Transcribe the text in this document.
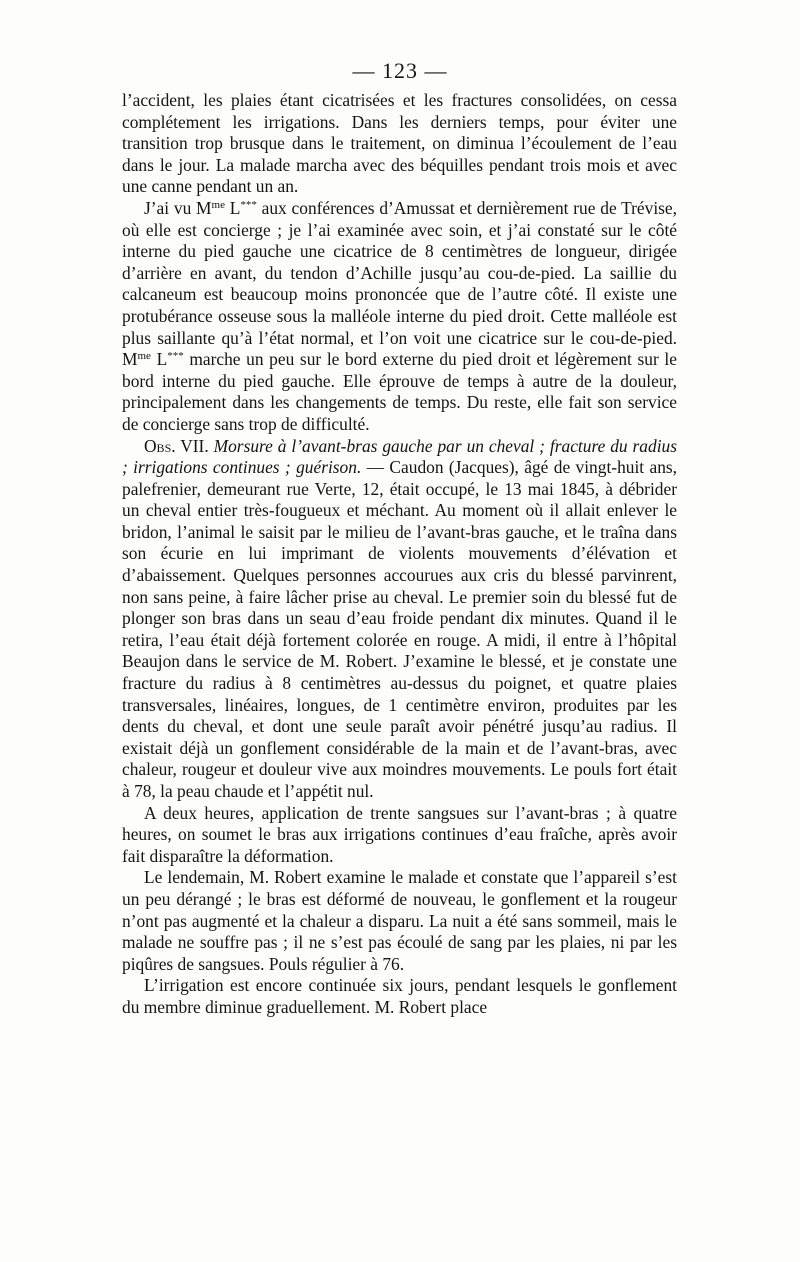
— 123 —

l’accident, les plaies étant cicatrisées et les fractures consolidées, on cessa complétement les irrigations. Dans les derniers temps, pour éviter une transition trop brusque dans le traitement, on diminua l’écoulement de l’eau dans le jour. La malade marcha avec des béquilles pendant trois mois et avec une canne pendant un an.

J’ai vu $M^{me}$ L*** aux conférences d’Amussat et dernièrement rue de Trévise, où elle est concierge ; je l’ai examinée avec soin, et j’ai constaté sur le côté interne du pied gauche une cicatrice de 8 centimètres de longueur, dirigée d’arrière en avant, du tendon d’Achille jusqu’au cou-de-pied. La saillie du calcaneum est beaucoup moins prononcée que de l’autre côté. Il existe une protubérance osseuse sous la malléole interne du pied droit. Cette malléole est plus saillante qu’à l’état normal, et l’on voit une cicatrice sur le cou-de-pied. $M^{me}$ L*** marche un peu sur le bord externe du pied droit et légèrement sur le bord interne du pied gauche. Elle éprouve de temps à autre de la douleur, principalement dans les changements de temps. Du reste, elle fait son service de concierge sans trop de difficulté.

Obs. VII. Morsure à l’avant-bras gauche par un cheval ; fracture du radius ; irrigations continues ; guérison. — Caudon (Jacques), âgé de vingt-huit ans, palefrenier, demeurant rue Verte, 12, était occupé, le 13 mai 1845, à débrider un cheval entier très-fougueux et méchant. Au moment où il allait enlever le bridon, l’animal le saisit par le milieu de l’avant-bras gauche, et le traîna dans son écurie en lui imprimant de violents mouvements d’élévation et d’abaissement. Quelques personnes accourues aux cris du blessé parvinrent, non sans peine, à faire lâcher prise au cheval. Le premier soin du blessé fut de plonger son bras dans un seau d’eau froide pendant dix minutes. Quand il le retira, l’eau était déjà fortement colorée en rouge. A midi, il entre à l’hôpital Beaujon dans le service de M. Robert. J’examine le blessé, et je constate une fracture du radius à 8 centimètres au-dessus du poignet, et quatre plaies transversales, linéaires, longues, de 1 centimètre environ, produites par les dents du cheval, et dont une seule paraît avoir pénétré jusqu’au radius. Il existait déjà un gonflement considérable de la main et de l’avant-bras, avec chaleur, rougeur et douleur vive aux moindres mouvements. Le pouls fort était à 78, la peau chaude et l’appétit nul.

A deux heures, application de trente sangsues sur l’avant-bras ; à quatre heures, on soumet le bras aux irrigations continues d’eau fraîche, après avoir fait disparaître la déformation.

Le lendemain, M. Robert examine le malade et constate que l’appareil s’est un peu dérangé ; le bras est déformé de nouveau, le gonflement et la rougeur n’ont pas augmenté et la chaleur a disparu. La nuit a été sans sommeil, mais le malade ne souffre pas ; il ne s’est pas écoulé de sang par les plaies, ni par les piqûres de sangsues. Pouls régulier à 76.

L’irrigation est encore continuée six jours, pendant lesquels le gonflement du membre diminue graduellement. M. Robert place
